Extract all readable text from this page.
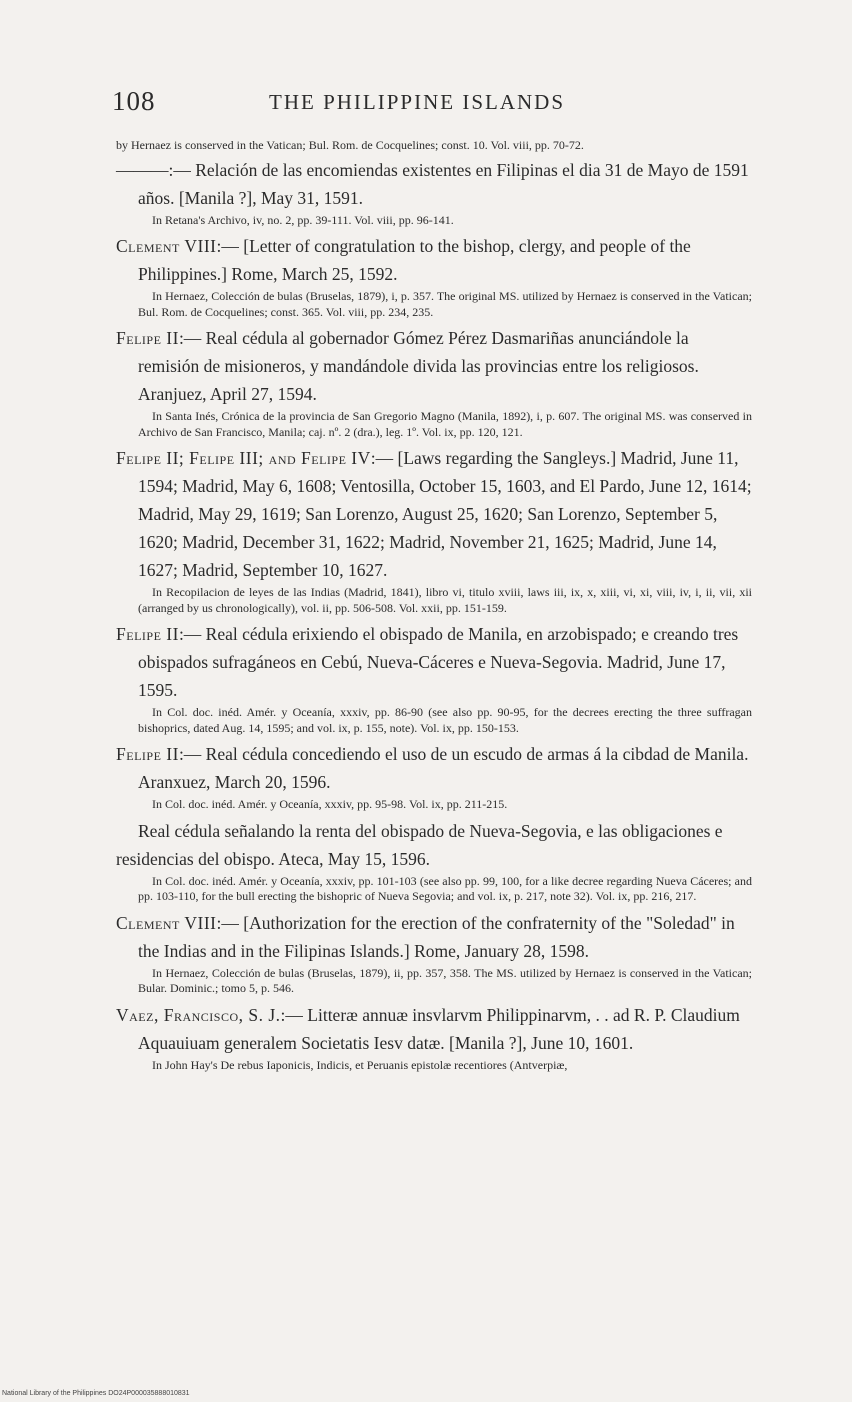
108	THE PHILIPPINE ISLANDS

by Hernaez is conserved in the Vatican; Bul. Rom. de Cocquelines; const. 10. Vol. viii, pp. 70-72.

———:— Relación de las encomiendas existentes en Filipinas el dia 31 de Mayo de 1591 años. [Manila ?], May 31, 1591.

In Retana's Archivo, iv, no. 2, pp. 39-111. Vol. viii, pp. 96-141.

Clement VIII:— [Letter of congratulation to the bishop, clergy, and people of the Philippines.] Rome, March 25, 1592.

In Hernaez, Colección de bulas (Bruselas, 1879), i, p. 357. The original MS. utilized by Hernaez is conserved in the Vatican; Bul. Rom. de Cocquelines; const. 365. Vol. viii, pp. 234, 235.

Felipe II:— Real cédula al gobernador Gómez Pérez Dasmariñas anunciándole la remisión de misioneros, y mandándole divida las provincias entre los religiosos. Aranjuez, April 27, 1594.

In Santa Inés, Crónica de la provincia de San Gregorio Magno (Manila, 1892), i, p. 607. The original MS. was conserved in Archivo de San Francisco, Manila; caj. nº. 2 (dra.), leg. 1º. Vol. ix, pp. 120, 121.

Felipe II; Felipe III; and Felipe IV:— [Laws regarding the Sangleys.] Madrid, June 11, 1594; Madrid, May 6, 1608; Ventosilla, October 15, 1603, and El Pardo, June 12, 1614; Madrid, May 29, 1619; San Lorenzo, August 25, 1620; San Lorenzo, September 5, 1620; Madrid, December 31, 1622; Madrid, November 21, 1625; Madrid, June 14, 1627; Madrid, September 10, 1627.

In Recopilacion de leyes de las Indias (Madrid, 1841), libro vi, titulo xviii, laws iii, ix, x, xiii, vi, xi, viii, iv, i, ii, vii, xii (arranged by us chronologically), vol. ii, pp. 506-508. Vol. xxii, pp. 151-159.

Felipe II:— Real cédula erixiendo el obispado de Manila, en arzobispado; e creando tres obispados sufragáneos en Cebú, Nueva-Cáceres e Nueva-Segovia. Madrid, June 17, 1595.

In Col. doc. inéd. Amér. y Oceanía, xxxiv, pp. 86-90 (see also pp. 90-95, for the decrees erecting the three suffragan bishoprics, dated Aug. 14, 1595; and vol. ix, p. 155, note). Vol. ix, pp. 150-153.

Felipe II:— Real cédula concediendo el uso de un escudo de armas á la cibdad de Manila. Aranxuez, March 20, 1596.

In Col. doc. inéd. Amér. y Oceanía, xxxiv, pp. 95-98. Vol. ix, pp. 211-215.

Real cédula señalando la renta del obispado de Nueva-Segovia, e las obligaciones e residencias del obispo. Ateca, May 15, 1596.

In Col. doc. inéd. Amér. y Oceanía, xxxiv, pp. 101-103 (see also pp. 99, 100, for a like decree regarding Nueva Cáceres; and pp. 103-110, for the bull erecting the bishopric of Nueva Segovia; and vol. ix, p. 217, note 32). Vol. ix, pp. 216, 217.

Clement VIII:— [Authorization for the erection of the confraternity of the "Soledad" in the Indias and in the Filipinas Islands.] Rome, January 28, 1598.

In Hernaez, Colección de bulas (Bruselas, 1879), ii, pp. 357, 358. The MS. utilized by Hernaez is conserved in the Vatican; Bular. Dominic.; tomo 5, p. 546.

Vaez, Francisco, S. J.:— Litteræ annuæ insvlarvm Philippinarvm, . . ad R. P. Claudium Aquauiuam generalem Societatis Iesv datæ. [Manila ?], June 10, 1601.

In John Hay's De rebus Iaponicis, Indicis, et Peruanis epistolæ recentiores (Antverpiæ,

National Library of the Philippines DO24P000035888010831
